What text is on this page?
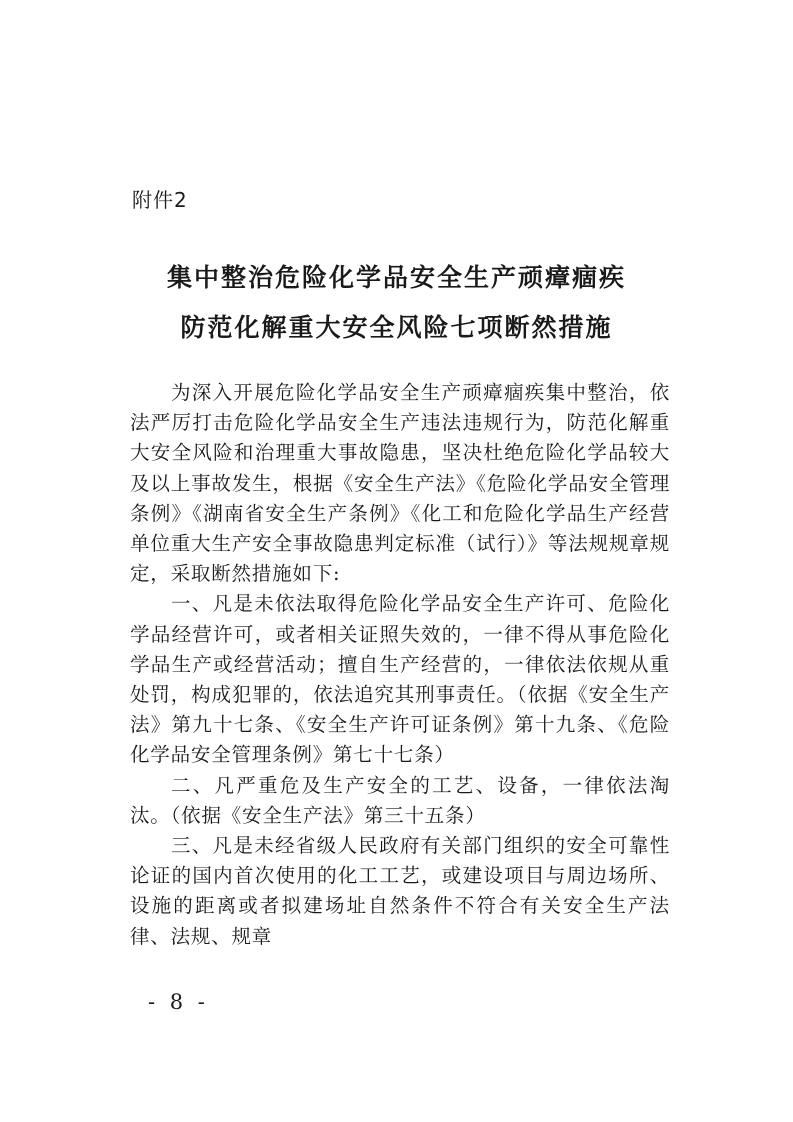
附件2
集中整治危险化学品安全生产顽瘴痼疾
防范化解重大安全风险七项断然措施

为深入开展危险化学品安全生产顽瘴痼疾集中整治，依法严厉打击危险化学品安全生产违法违规行为，防范化解重大安全风险和治理重大事故隐患，坚决杜绝危险化学品较大及以上事故发生，根据《安全生产法》《危险化学品安全管理条例》《湖南省安全生产条例》《化工和危险化学品生产经营单位重大生产安全事故隐患判定标准（试行）》等法规规章规定，采取断然措施如下:

一、凡是未依法取得危险化学品安全生产许可、危险化学品经营许可，或者相关证照失效的，一律不得从事危险化学品生产或经营活动；擅自生产经营的，一律依法依规从重处罚，构成犯罪的，依法追究其刑事责任。（依据《安全生产法》第九十七条、《安全生产许可证条例》第十九条、《危险化学品安全管理条例》第七十七条）

二、凡严重危及生产安全的工艺、设备，一律依法淘汰。（依据《安全生产法》第三十五条）

三、凡是未经省级人民政府有关部门组织的安全可靠性论证的国内首次使用的化工工艺，或建设项目与周边场所、设施的距离或者拟建场址自然条件不符合有关安全生产法律、法规、规章

- 8 -
